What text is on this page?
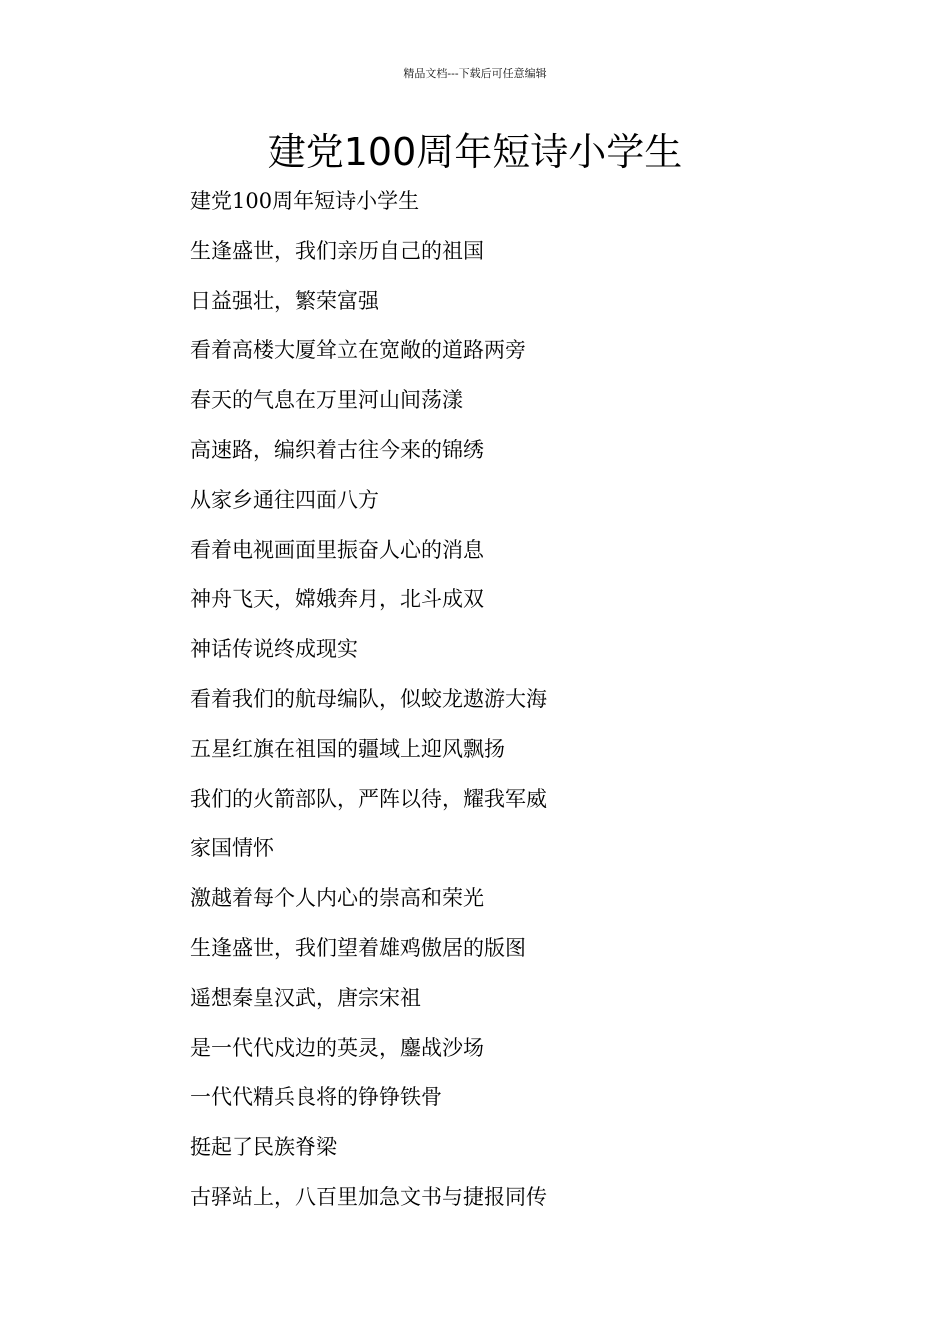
精品文档---下载后可任意编辑
建党100周年短诗小学生
建党100周年短诗小学生
生逢盛世，我们亲历自己的祖国
日益强壮，繁荣富强
看着高楼大厦耸立在宽敞的道路两旁
春天的气息在万里河山间荡漾
高速路，编织着古往今来的锦绣
从家乡通往四面八方
看着电视画面里振奋人心的消息
神舟飞天，嫦娥奔月，北斗成双
神话传说终成现实
看着我们的航母编队，似蛟龙遨游大海
五星红旗在祖国的疆域上迎风飘扬
我们的火箭部队，严阵以待，耀我军威
家国情怀
激越着每个人内心的崇高和荣光
生逢盛世，我们望着雄鸡傲居的版图
遥想秦皇汉武，唐宗宋祖
是一代代戍边的英灵，鏖战沙场
一代代精兵良将的铮铮铁骨
挺起了民族脊梁
古驿站上，八百里加急文书与捷报同传
